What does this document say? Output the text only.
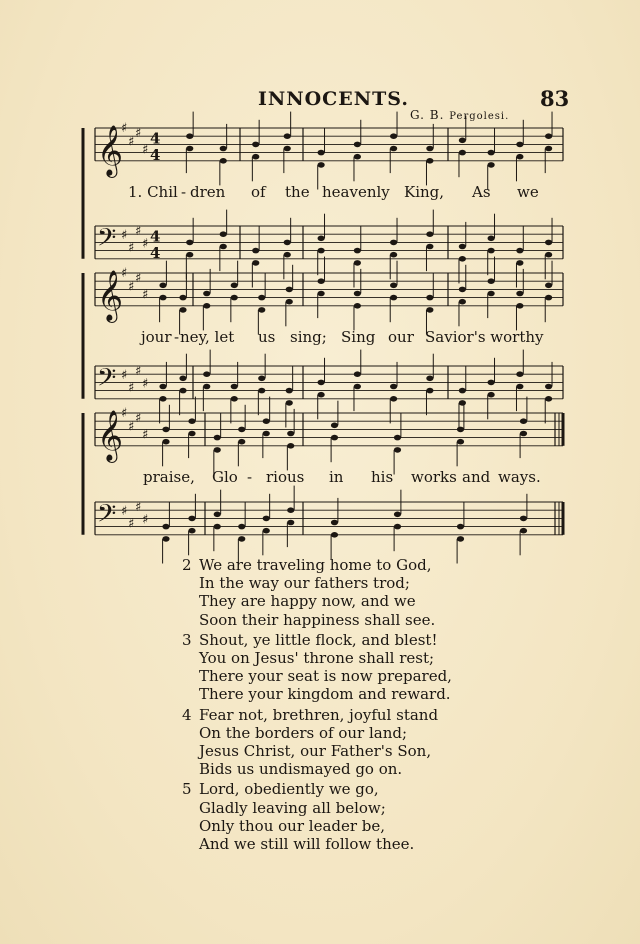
INNOCENTS.	83
G. B. Pergolesi.
𝄞
♯
♯
♯
♯
4
4
𝄢 ♯
♯
♯
♯ 4
4
𝄞
♯
♯
♯
♯
𝄢 ♯
♯
♯
♯
𝄞
♯
♯
♯
♯
𝄢 ♯
♯
♯
♯
1. Chil - dren of the heavenly King, As we
jour - ney, let us sing; Sing our Savior's worthy
praise, Glo - rious in his works and ways.
2 We are traveling home to God,
In the way our fathers trod;
They are happy now, and we
Soon their happiness shall see.
3 Shout, ye little flock, and blest!
You on Jesus' throne shall rest;
There your seat is now prepared,
There your kingdom and reward.
4 Fear not, brethren, joyful stand
On the borders of our land;
Jesus Christ, our Father's Son,
Bids us undismayed go on.
5 Lord, obediently we go,
Gladly leaving all below;
Only thou our leader be,
And we still will follow thee.
